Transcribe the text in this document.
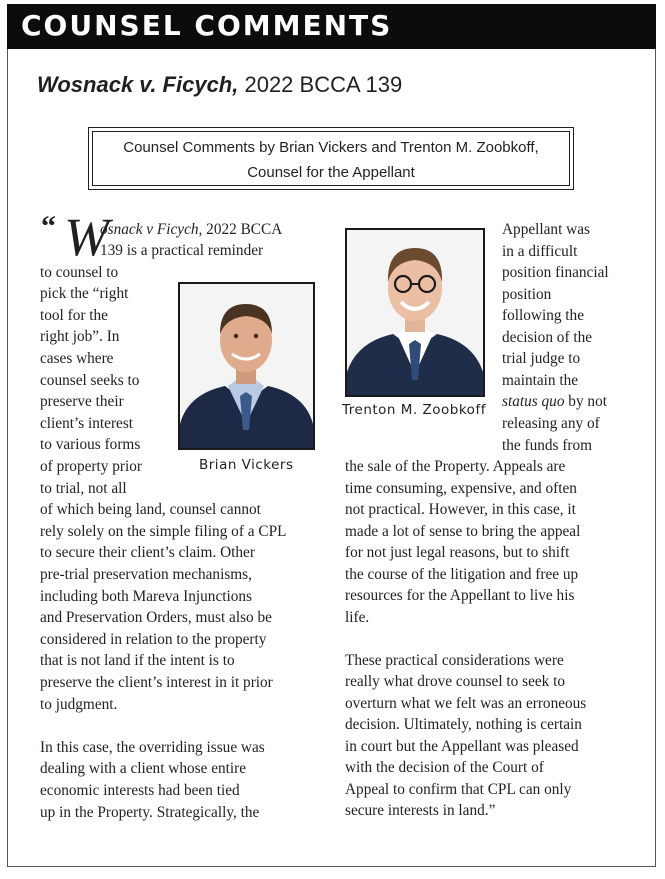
COUNSEL COMMENTS
Wosnack v. Ficych, 2022 BCCA 139
Counsel Comments by Brian Vickers and Trenton M. Zoobkoff,
Counsel for the Appellant
“ W
osnack v Ficych, 2022 BCCA
139 is a practical reminder
to counsel to
pick the “right
tool for the
right job”. In
cases where
counsel seeks to
preserve their
client’s interest
to various forms
of property prior
to trial, not all
of which being land, counsel cannot
rely solely on the simple filing of a CPL
to secure their client’s claim. Other
pre-trial preservation mechanisms,
including both Mareva Injunctions
and Preservation Orders, must also be
considered in relation to the property
that is not land if the intent is to
preserve the client’s interest in it prior
to judgment.
In this case, the overriding issue was
dealing with a client whose entire
economic interests had been tied
up in the Property. Strategically, the
Appellant was
in a difficult
position financial
position
following the
decision of the
trial judge to
maintain the
status quo by not
releasing any of
the funds from
the sale of the Property. Appeals are
time consuming, expensive, and often
not practical. However, in this case, it
made a lot of sense to bring the appeal
for not just legal reasons, but to shift
the course of the litigation and free up
resources for the Appellant to live his
life.
These practical considerations were
really what drove counsel to seek to
overturn what we felt was an erroneous
decision. Ultimately, nothing is certain
in court but the Appellant was pleased
with the decision of the Court of
Appeal to confirm that CPL can only
secure interests in land.”
Brian Vickers
Trenton M. Zoobkoff
